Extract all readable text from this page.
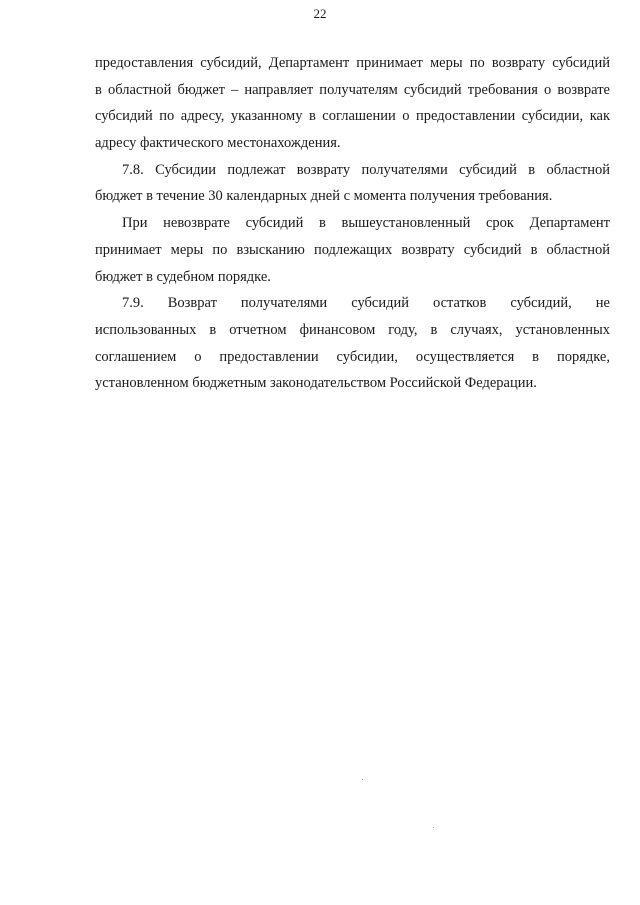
22
предоставления субсидий, Департамент принимает меры по возврату субсидий
в областной бюджет – направляет получателям субсидий требования о возврате
субсидий по адресу, указанному в соглашении о предоставлении субсидии, как
адресу фактического местонахождения.
7.8. Субсидии подлежат возврату получателями субсидий в областной
бюджет в течение 30 календарных дней с момента получения требования.
При невозврате субсидий в вышеустановленный срок Департамент
принимает меры по взысканию подлежащих возврату субсидий в областной
бюджет в судебном порядке.
7.9. Возврат получателями субсидий остатков субсидий, не
использованных в отчетном финансовом году, в случаях, установленных
соглашением о предоставлении субсидии, осуществляется в порядке,
установленном бюджетным законодательством Российской Федерации.
